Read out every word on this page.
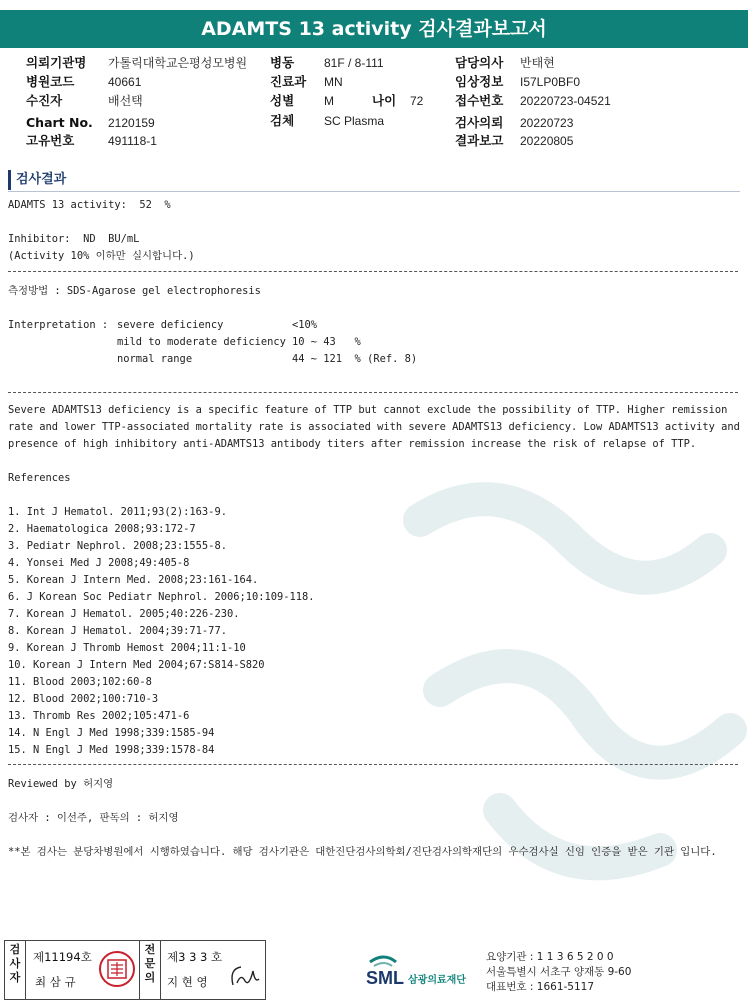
ADAMTS 13 activity 검사결과보고서
의뢰기관명 가톨릭대학교은평성모병원
병원코드	40661
수진자	배선택
Chart No. 2120159
고유번호	491118-1
병동 81F / 8-111
진료과 MN
성별 M	나이 72
검체 SC Plasma
담당의사 반태현
임상정보 I57LP0BF0
접수번호 20220723-04521
검사의뢰 20220723
결과보고 20220805
검사결과
ADAMTS 13 activity:  52  %
Inhibitor:  ND  BU/mL
(Activity 10% 이하만 실시합니다.)
측정방법 : SDS-Agarose gel electrophoresis
Interpretation : severe deficiency	<10%
mild to moderate deficiency 10 ~ 43   %
normal range	44 ~ 121  % (Ref. 8)
Severe ADAMTS13 deficiency is a specific feature of TTP but cannot exclude the possibility of TTP. Higher remission rate and lower TTP-associated mortality rate is associated with severe ADAMTS13 deficiency. Low ADAMTS13 activity and presence of high inhibitory anti-ADAMTS13 antibody titers after remission increase the risk of relapse of TTP.
References
1. Int J Hematol. 2011;93(2):163-9.
2. Haematologica 2008;93:172-7
3. Pediatr Nephrol. 2008;23:1555-8.
4. Yonsei Med J 2008;49:405-8
5. Korean J Intern Med. 2008;23:161-164.
6. J Korean Soc Pediatr Nephrol. 2006;10:109-118.
7. Korean J Hematol. 2005;40:226-230.
8. Korean J Hematol. 2004;39:71-77.
9. Korean J Thromb Hemost 2004;11:1-10
10. Korean J Intern Med 2004;67:S814-S820
11. Blood 2003;102:60-8
12. Blood 2002;100:710-3
13. Thromb Res 2002;105:471-6
14. N Engl J Med 1998;339:1585-94
15. N Engl J Med 1998;339:1578-84
Reviewed by 허지영
검사자 : 이선주, 판독의 : 허지영
**본 검사는 분당차병원에서 시행하였습니다. 해당 검사기관은 대한진단검사의학회/진단검사의학재단의 우수검사실 신임 인증을 받은 기관 입니다.
검
사
자
제11194호
최 삼 규
전
문
의
제3 3 3 호
지 현 영	SML 삼광의료재단
요양기관 : 1 1 3 6 5 2 0 0
서울특별시 서초구 양재동 9-60
대표번호 : 1661-5117
